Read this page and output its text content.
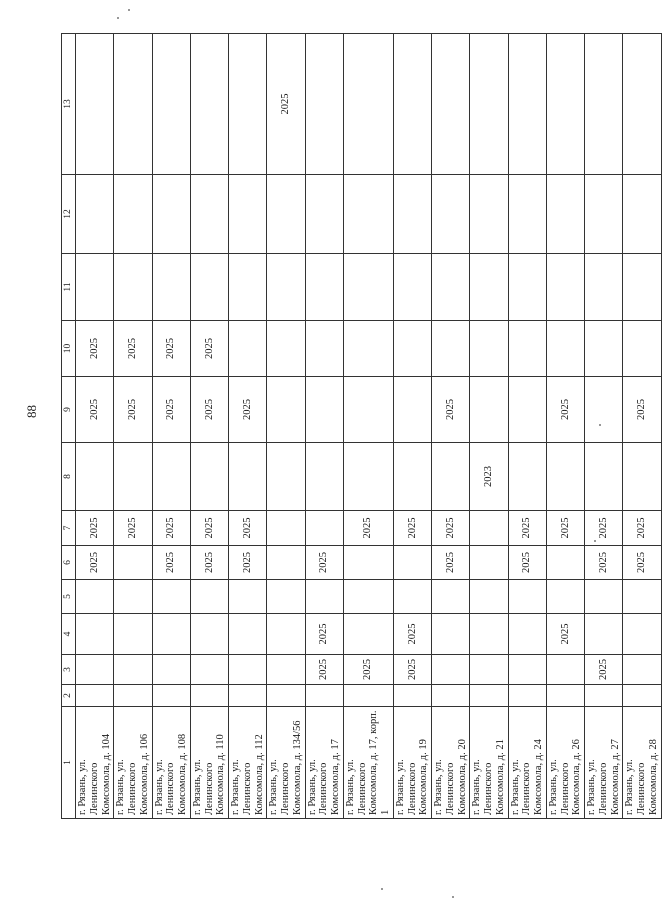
88
1	2	3	4	5	6	7	8	9	10	11	12	13
г. Рязань, ул. Ленинского Комсомола, д. 104					2025	2025		2025	2025			
г. Рязань, ул. Ленинского Комсомола, д. 106						2025		2025	2025			
г. Рязань, ул. Ленинского Комсомола, д. 108					2025	2025		2025	2025			
г. Рязань, ул. Ленинского Комсомола, д. 110					2025	2025		2025	2025			
г. Рязань, ул. Ленинского Комсомола, д. 112					2025	2025		2025				
г. Рязань, ул. Ленинского Комсомола, д. 134/56												2025
г. Рязань, ул. Ленинского Комсомола, д. 17		2025	2025		2025							
г. Рязань, ул. Ленинского Комсомола, д. 17, корп. 1		2025				2025						
г. Рязань, ул. Ленинского Комсомола, д. 19		2025	2025			2025						
г. Рязань, ул. Ленинского Комсомола, д. 20					2025	2025		2025				
г. Рязань, ул. Ленинского Комсомола, д. 21							2023					
г. Рязань, ул. Ленинского Комсомола, д. 24					2025	2025						
г. Рязань, ул. Ленинского Комсомола, д. 26			2025			2025		2025				
г. Рязань, ул. Ленинского Комсомола, д. 27		2025			2025	2025						
г. Рязань, ул. Ленинского Комсомола, д. 28					2025	2025		2025				
